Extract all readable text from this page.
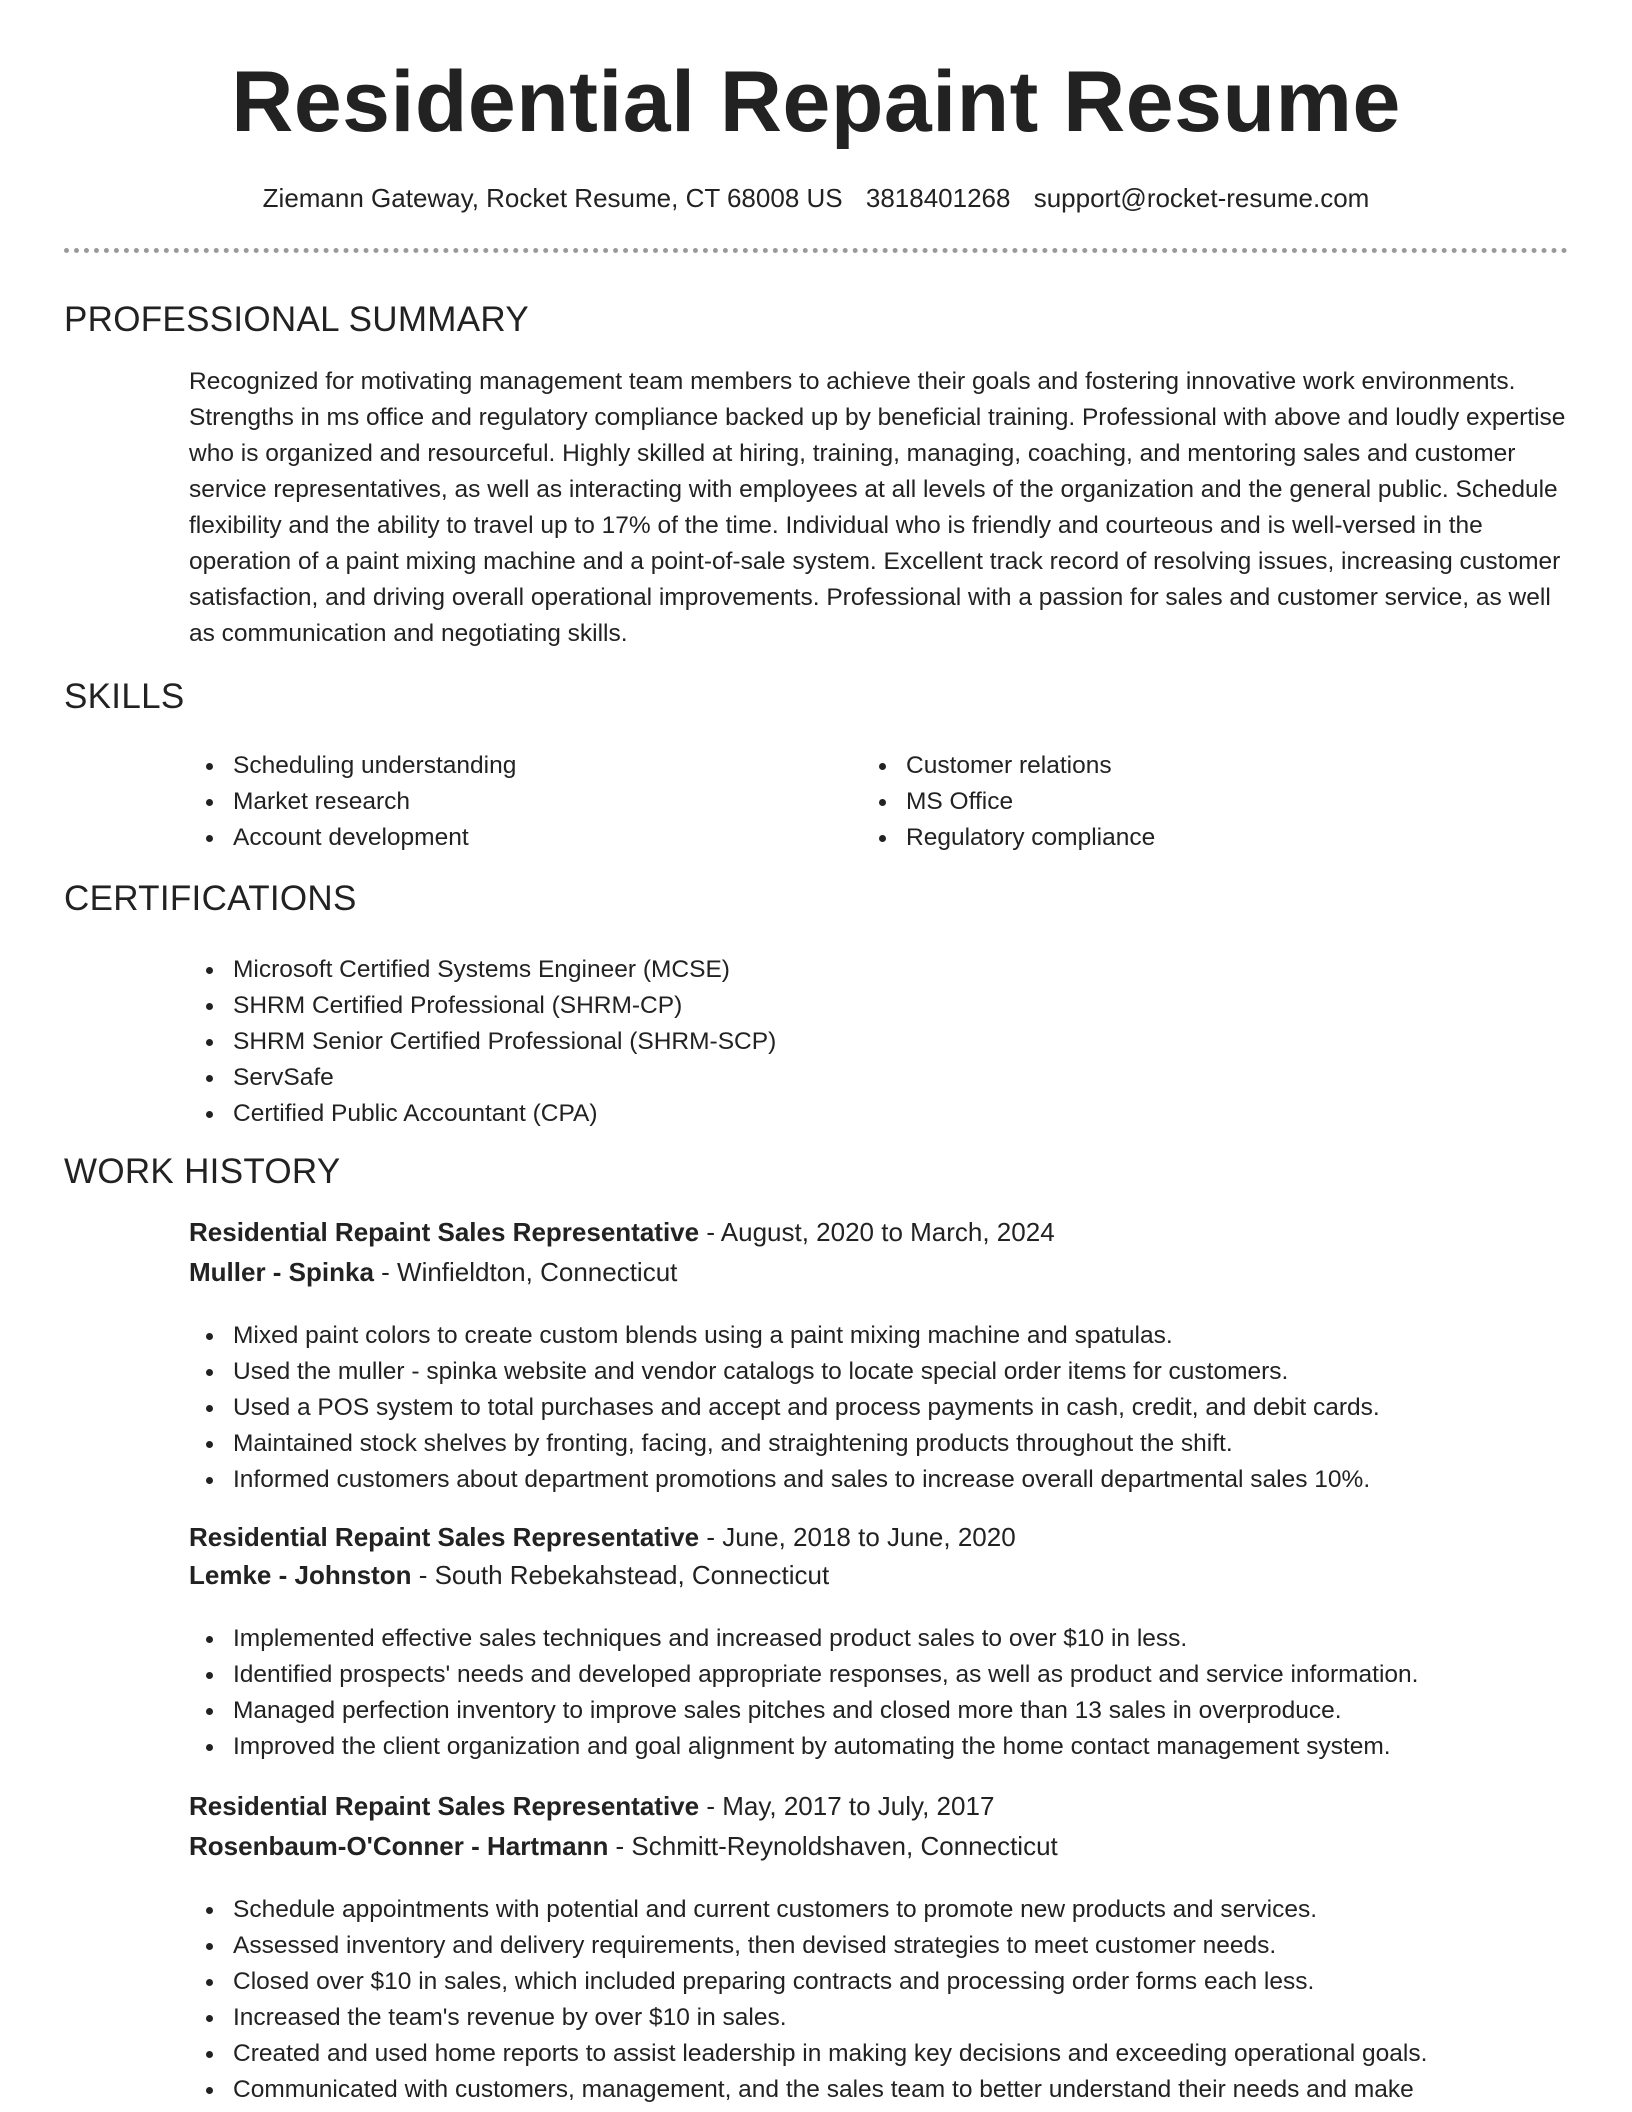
Residential Repaint Resume
Ziemann Gateway, Rocket Resume, CT 68008 US 3818401268 support@rocket-resume.com
PROFESSIONAL SUMMARY

Recognized for motivating management team members to achieve their goals and fostering innovative work environments. Strengths in ms office and regulatory compliance backed up by beneficial training. Professional with above and loudly expertise who is organized and resourceful. Highly skilled at hiring, training, managing, coaching, and mentoring sales and customer service representatives, as well as interacting with employees at all levels of the organization and the general public. Schedule flexibility and the ability to travel up to 17% of the time. Individual who is friendly and courteous and is well-versed in the operation of a paint mixing machine and a point-of-sale system. Excellent track record of resolving issues, increasing customer satisfaction, and driving overall operational improvements. Professional with a passion for sales and customer service, as well as communication and negotiating skills.

SKILLS
Scheduling understanding
Market research
Account development
Customer relations
MS Office
Regulatory compliance
CERTIFICATIONS
Microsoft Certified Systems Engineer (MCSE)
SHRM Certified Professional (SHRM-CP)
SHRM Senior Certified Professional (SHRM-SCP)
ServSafe
Certified Public Accountant (CPA)
WORK HISTORY
Residential Repaint Sales Representative - August, 2020 to March, 2024
Muller - Spinka - Winfieldton, Connecticut
Mixed paint colors to create custom blends using a paint mixing machine and spatulas.
Used the muller - spinka website and vendor catalogs to locate special order items for customers.
Used a POS system to total purchases and accept and process payments in cash, credit, and debit cards.
Maintained stock shelves by fronting, facing, and straightening products throughout the shift.
Informed customers about department promotions and sales to increase overall departmental sales 10%.
Residential Repaint Sales Representative - June, 2018 to June, 2020
Lemke - Johnston - South Rebekahstead, Connecticut
Implemented effective sales techniques and increased product sales to over $10 in less.
Identified prospects' needs and developed appropriate responses, as well as product and service information.
Managed perfection inventory to improve sales pitches and closed more than 13 sales in overproduce.
Improved the client organization and goal alignment by automating the home contact management system.
Residential Repaint Sales Representative - May, 2017 to July, 2017
Rosenbaum-O'Conner - Hartmann - Schmitt-Reynoldshaven, Connecticut
Schedule appointments with potential and current customers to promote new products and services.
Assessed inventory and delivery requirements, then devised strategies to meet customer needs.
Closed over $10 in sales, which included preparing contracts and processing order forms each less.
Increased the team's revenue by over $10 in sales.
Created and used home reports to assist leadership in making key decisions and exceeding operational goals.
Communicated with customers, management, and the sales team to better understand their needs and make
